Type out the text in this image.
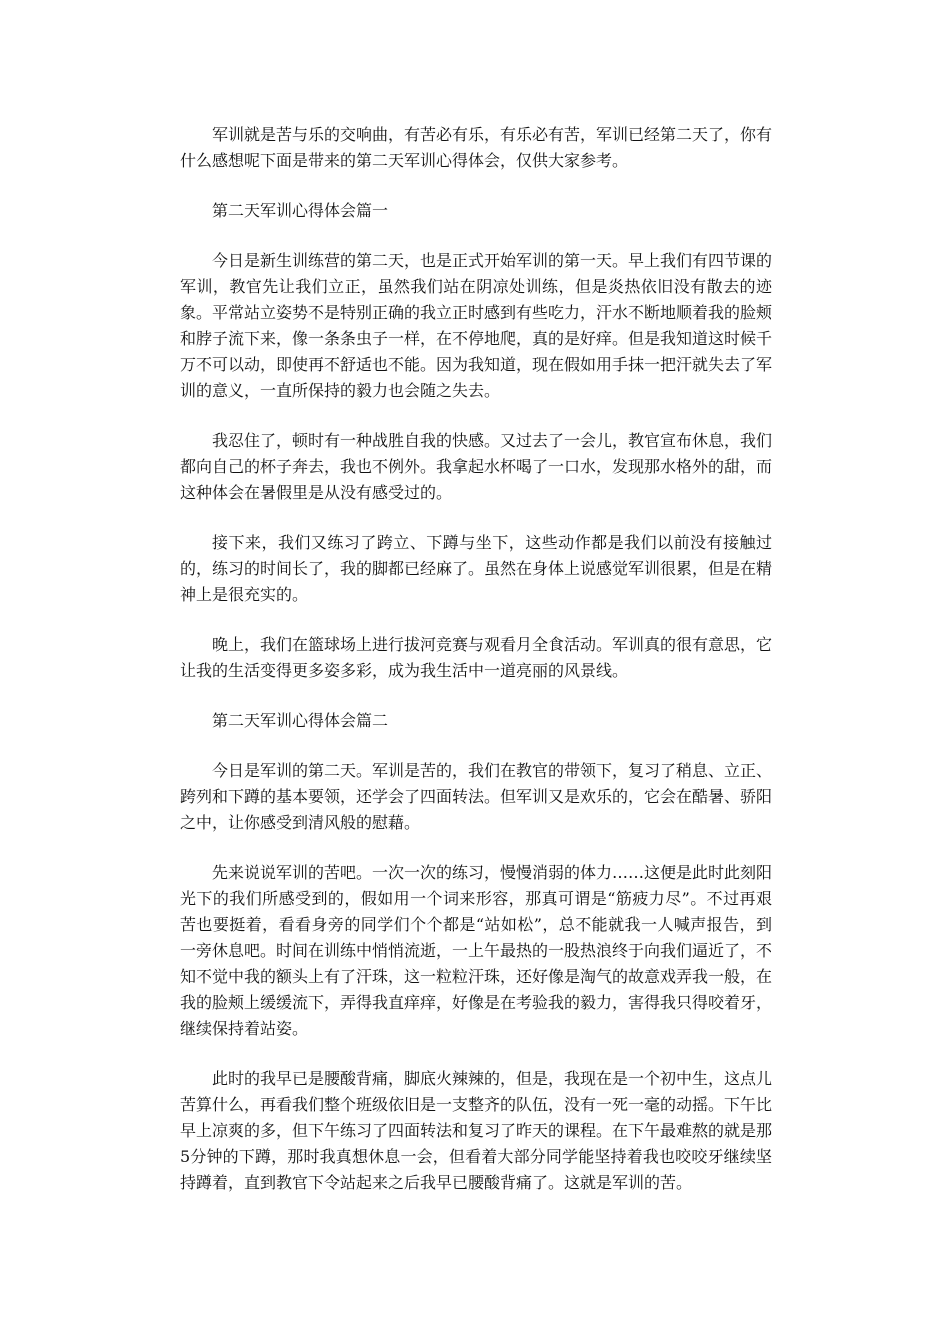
军训就是苦与乐的交响曲，有苦必有乐，有乐必有苦，军训已经第二天了，你有什么感想呢下面是带来的第二天军训心得体会，仅供大家参考。

第二天军训心得体会篇一

今日是新生训练营的第二天，也是正式开始军训的第一天。早上我们有四节课的军训，教官先让我们立正，虽然我们站在阴凉处训练，但是炎热依旧没有散去的迹象。平常站立姿势不是特别正确的我立正时感到有些吃力，汗水不断地顺着我的脸颊和脖子流下来，像一条条虫子一样，在不停地爬，真的是好痒。但是我知道这时候千万不可以动，即使再不舒适也不能。因为我知道，现在假如用手抹一把汗就失去了军训的意义，一直所保持的毅力也会随之失去。

我忍住了，顿时有一种战胜自我的快感。又过去了一会儿，教官宣布休息，我们都向自己的杯子奔去，我也不例外。我拿起水杯喝了一口水，发现那水格外的甜，而这种体会在暑假里是从没有感受过的。

接下来，我们又练习了跨立、下蹲与坐下，这些动作都是我们以前没有接触过的，练习的时间长了，我的脚都已经麻了。虽然在身体上说感觉军训很累，但是在精神上是很充实的。

晚上，我们在篮球场上进行拔河竞赛与观看月全食活动。军训真的很有意思，它让我的生活变得更多姿多彩，成为我生活中一道亮丽的风景线。

第二天军训心得体会篇二

今日是军训的第二天。军训是苦的，我们在教官的带领下，复习了稍息、立正、跨列和下蹲的基本要领，还学会了四面转法。但军训又是欢乐的，它会在酷暑、骄阳之中，让你感受到清风般的慰藉。

先来说说军训的苦吧。一次一次的练习，慢慢消弱的体力……这便是此时此刻阳光下的我们所感受到的，假如用一个词来形容，那真可谓是“筋疲力尽”。不过再艰苦也要挺着，看看身旁的同学们个个都是“站如松”，总不能就我一人喊声报告，到一旁休息吧。时间在训练中悄悄流逝，一上午最热的一股热浪终于向我们逼近了，不知不觉中我的额头上有了汗珠，这一粒粒汗珠，还好像是淘气的故意戏弄我一般，在我的脸颊上缓缓流下，弄得我直痒痒，好像是在考验我的毅力，害得我只得咬着牙，继续保持着站姿。

此时的我早已是腰酸背痛，脚底火辣辣的，但是，我现在是一个初中生，这点儿苦算什么，再看我们整个班级依旧是一支整齐的队伍，没有一死一毫的动摇。下午比早上凉爽的多，但下午练习了四面转法和复习了昨天的课程。在下午最难熬的就是那5分钟的下蹲，那时我真想休息一会，但看着大部分同学能坚持着我也咬咬牙继续坚持蹲着，直到教官下令站起来之后我早已腰酸背痛了。这就是军训的苦。
